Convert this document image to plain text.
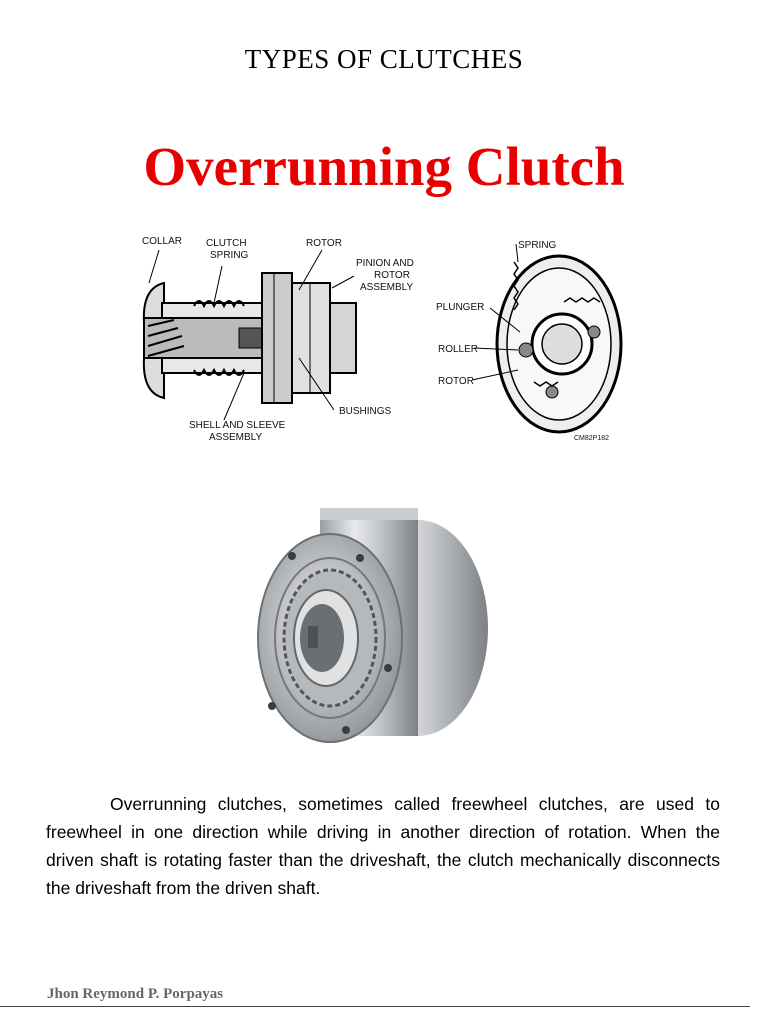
TYPES OF CLUTCHES
Overrunning Clutch
COLLAR CLUTCH
SPRING
ROTOR
PINION AND
ROTOR
ASSEMBLY
BUSHINGS
SHELL AND SLEEVE
ASSEMBLY
SPRING
PLUNGER
ROLLER
ROTOR
CM82P182

Overrunning clutches, sometimes called freewheel clutches, are used to freewheel in one direction while driving in another direction of rotation. When the driven shaft is rotating faster than the driveshaft, the clutch mechanically disconnects the driveshaft from the driven shaft.

Jhon Reymond P. Porpayas
